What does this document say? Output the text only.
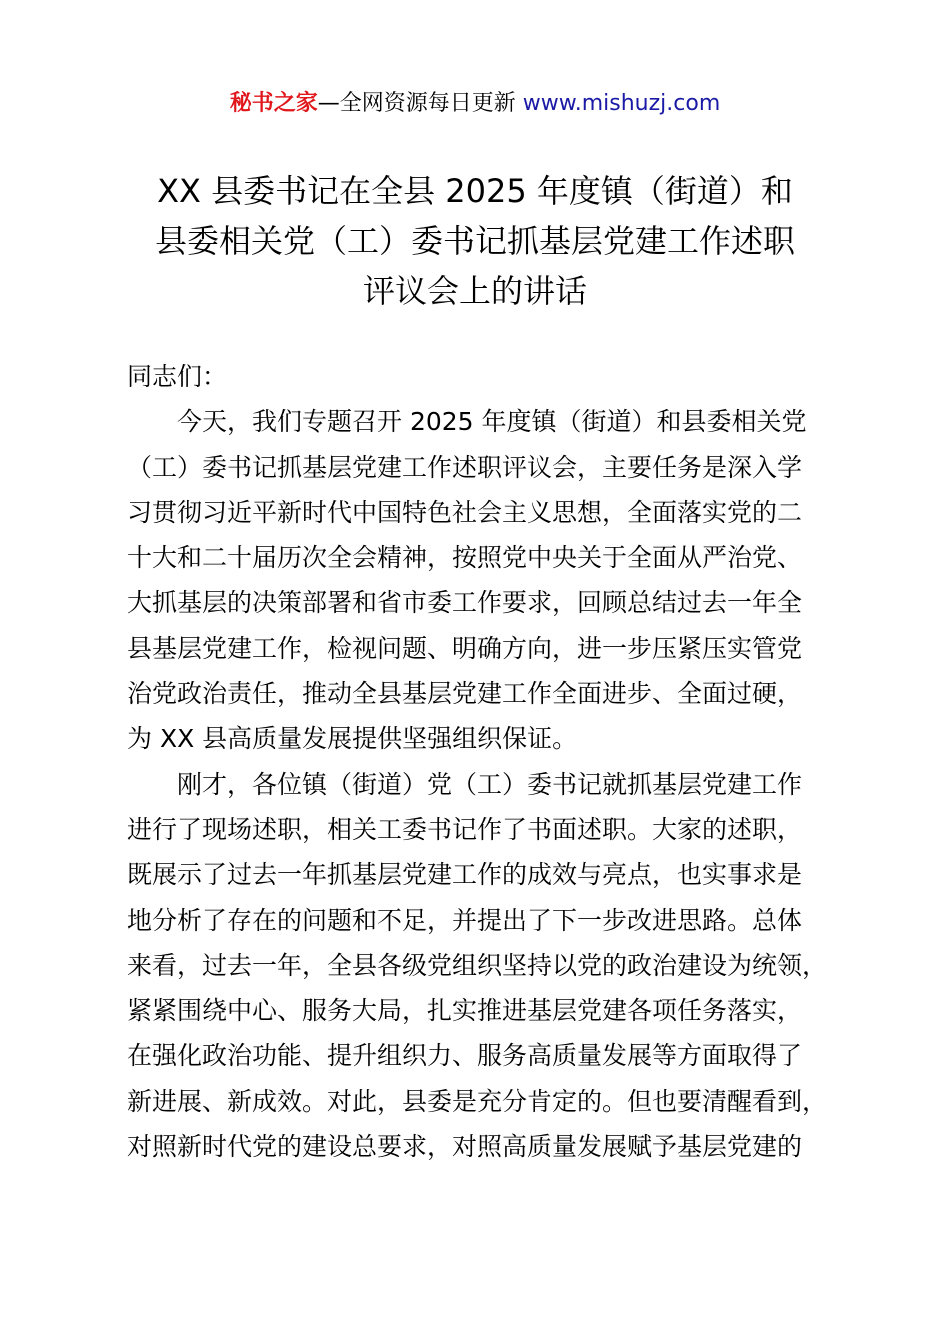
秘书之家—全网资源每日更新 www.mishuzj.com
XX 县委书记在全县 2025 年度镇（街道）和
县委相关党（工）委书记抓基层党建工作述职
评议会上的讲话
同志们：
今天，我们专题召开 2025 年度镇（街道）和县委相关党
（工）委书记抓基层党建工作述职评议会，主要任务是深入学
习贯彻习近平新时代中国特色社会主义思想，全面落实党的二
十大和二十届历次全会精神，按照党中央关于全面从严治党、
大抓基层的决策部署和省市委工作要求，回顾总结过去一年全
县基层党建工作，检视问题、明确方向，进一步压紧压实管党
治党政治责任，推动全县基层党建工作全面进步、全面过硬，
为 XX 县高质量发展提供坚强组织保证。
刚才，各位镇（街道）党（工）委书记就抓基层党建工作
进行了现场述职，相关工委书记作了书面述职。大家的述职，
既展示了过去一年抓基层党建工作的成效与亮点，也实事求是
地分析了存在的问题和不足，并提出了下一步改进思路。总体
来看，过去一年，全县各级党组织坚持以党的政治建设为统领，
紧紧围绕中心、服务大局，扎实推进基层党建各项任务落实，
在强化政治功能、提升组织力、服务高质量发展等方面取得了
新进展、新成效。对此，县委是充分肯定的。但也要清醒看到，
对照新时代党的建设总要求，对照高质量发展赋予基层党建的
